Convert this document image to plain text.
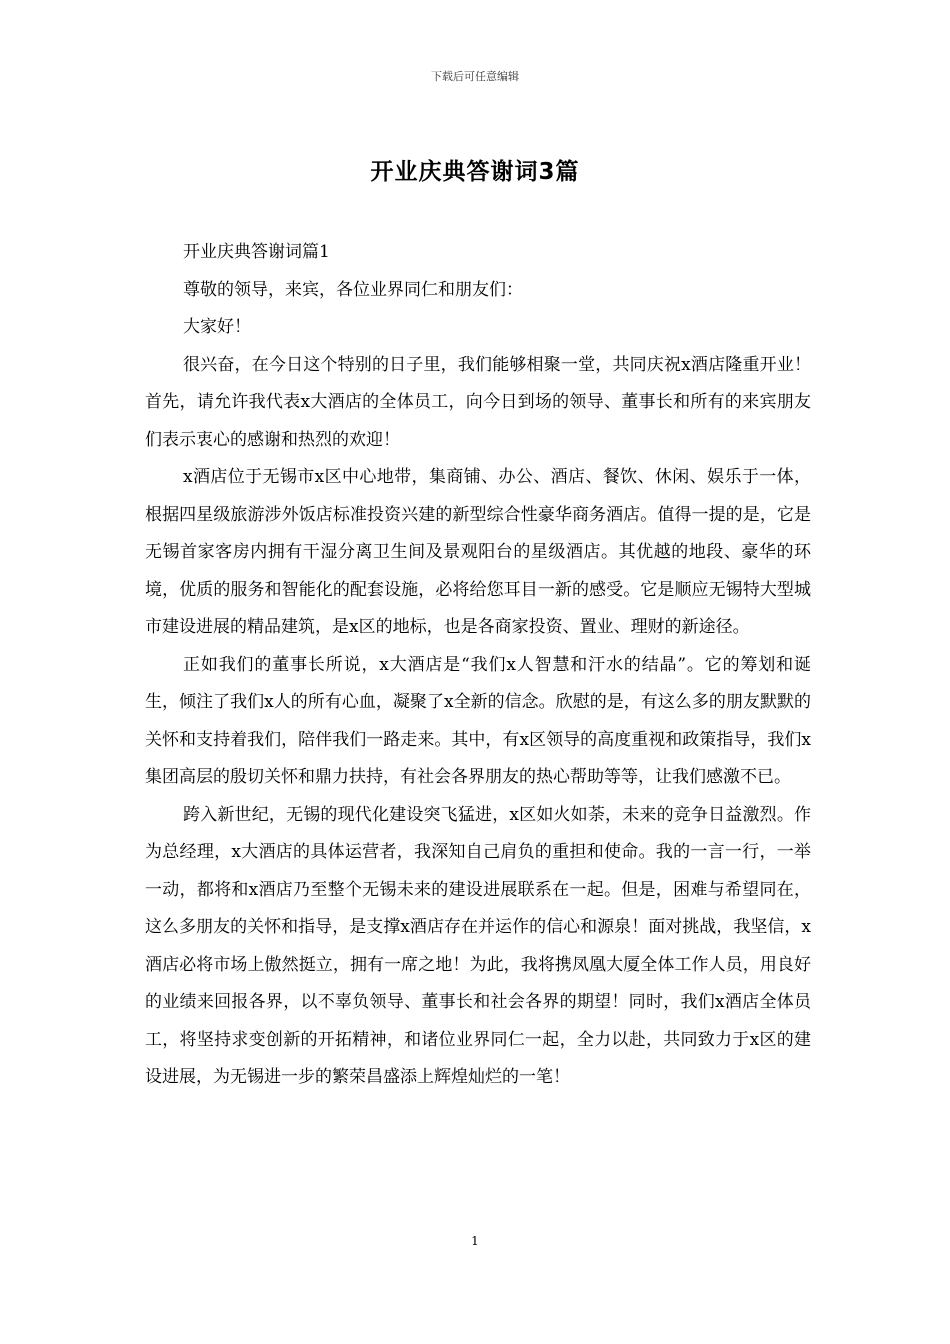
下载后可任意编辑
开业庆典答谢词3篇

开业庆典答谢词篇1

尊敬的领导，来宾，各位业界同仁和朋友们：

大家好！

很兴奋，在今日这个特别的日子里，我们能够相聚一堂，共同庆祝x酒店隆重开业！首先，请允许我代表x大酒店的全体员工，向今日到场的领导、董事长和所有的来宾朋友们表示衷心的感谢和热烈的欢迎！

x酒店位于无锡市x区中心地带，集商铺、办公、酒店、餐饮、休闲、娱乐于一体，根据四星级旅游涉外饭店标准投资兴建的新型综合性豪华商务酒店。值得一提的是，它是无锡首家客房内拥有干湿分离卫生间及景观阳台的星级酒店。其优越的地段、豪华的环境，优质的服务和智能化的配套设施，必将给您耳目一新的感受。它是顺应无锡特大型城市建设进展的精品建筑，是x区的地标，也是各商家投资、置业、理财的新途径。

正如我们的董事长所说，x大酒店是“我们x人智慧和汗水的结晶”。它的筹划和诞生，倾注了我们x人的所有心血，凝聚了x全新的信念。欣慰的是，有这么多的朋友默默的关怀和支持着我们，陪伴我们一路走来。其中，有x区领导的高度重视和政策指导，我们x集团高层的殷切关怀和鼎力扶持，有社会各界朋友的热心帮助等等，让我们感激不已。

跨入新世纪，无锡的现代化建设突飞猛进，x区如火如荼，未来的竞争日益激烈。作为总经理，x大酒店的具体运营者，我深知自己肩负的重担和使命。我的一言一行，一举一动，都将和x酒店乃至整个无锡未来的建设进展联系在一起。但是，困难与希望同在，这么多朋友的关怀和指导，是支撑x酒店存在并运作的信心和源泉！面对挑战，我坚信，x酒店必将市场上傲然挺立，拥有一席之地！为此，我将携凤凰大厦全体工作人员，用良好的业绩来回报各界，以不辜负领导、董事长和社会各界的期望！同时，我们x酒店全体员工，将坚持求变创新的开拓精神，和诸位业界同仁一起，全力以赴，共同致力于x区的建设进展，为无锡进一步的繁荣昌盛添上辉煌灿烂的一笔！

1
